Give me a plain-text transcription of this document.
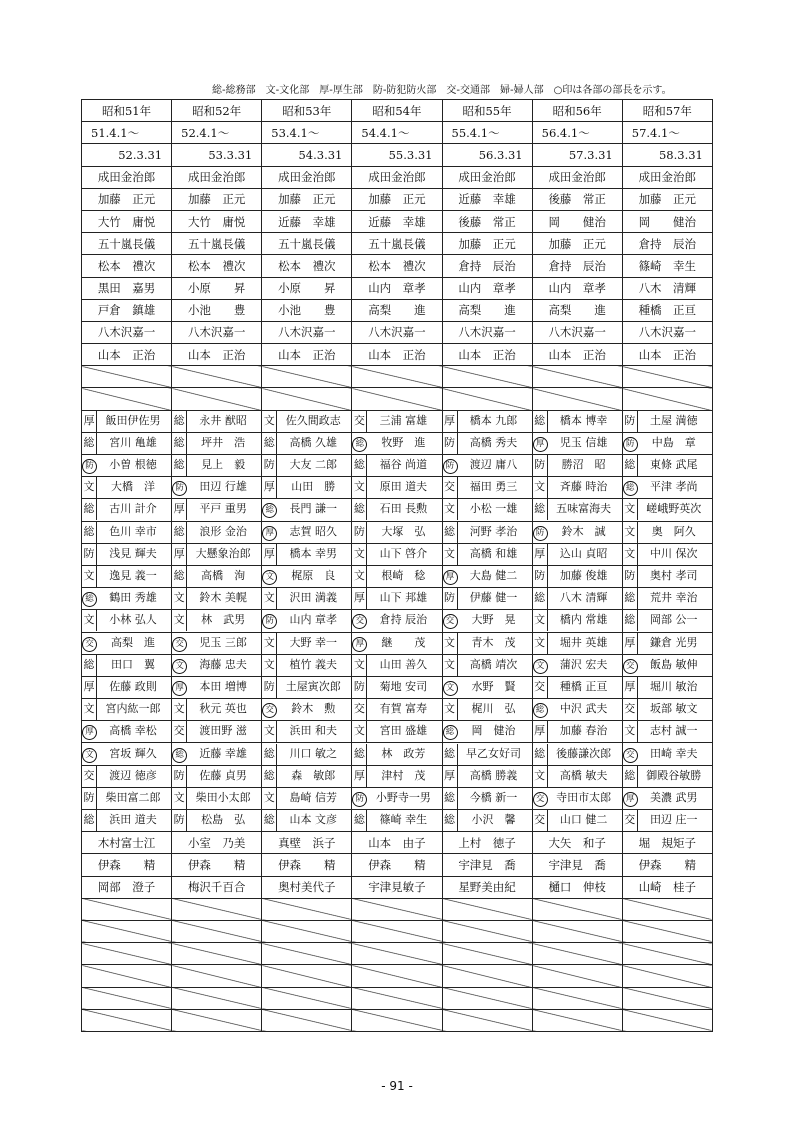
総-総務部　文-文化部　厚-厚生部　防-防犯防火部　交-交通部　婦-婦人部　○印は各部の部長を示す。
昭和51年	昭和52年	昭和53年	昭和54年	昭和55年	昭和56年	昭和57年
51.4.1～	52.4.1～	53.4.1～	54.4.1～	55.4.1～	56.4.1～	57.4.1～
52.3.31	53.3.31	54.3.31	55.3.31	56.3.31	57.3.31	58.3.31
成田金治郎	成田金治郎	成田金治郎	成田金治郎	成田金治郎	成田金治郎	成田金治郎
加藤　正元	加藤　正元	加藤　正元	加藤　正元	近藤　幸雄	後藤　常正	加藤　正元
大竹　庸悦	大竹　庸悦	近藤　幸雄	近藤　幸雄	後藤　常正	岡　　健治	岡　　健治
五十嵐長儀	五十嵐長儀	五十嵐長儀	五十嵐長儀	加藤　正元	加藤　正元	倉持　辰治
松本　禮次	松本　禮次	松本　禮次	松本　禮次	倉持　辰治	倉持　辰治	篠崎　幸生
黒田　嘉男	小原　　昇	小原　　昇	山内　章孝	山内　章孝	山内　章孝	八木　清輝
戸倉　鎮雄	小池　　豊	小池　　豊	高梨　　進	高梨　　進	高梨　　進	種橋　正亘
八木沢嘉一	八木沢嘉一	八木沢嘉一	八木沢嘉一	八木沢嘉一	八木沢嘉一	八木沢嘉一
山本　正治	山本　正治	山本　正治	山本　正治	山本　正治	山本　正治	山本　正治

厚 飯田伊佐男	総 永井 猷昭	文 佐久間政志	交 三浦 富雄	厚 橋本 九郎	総 橋本 博幸	防 土屋 満徳
総 宮川 亀雄	総 坪井　浩	総 高橋 久雄	総 牧野　進	防 高橋 秀夫	厚 児玉 信雄	防 中島　章
防 小曽 根徳	総 見上　毅	防 大友 二郎	総 福谷 尚道	防 渡辺 庸八	防 勝沼　昭	総 東條 武尾
文 大橋　洋	防 田辺 行雄	厚 山田　勝	文 原田 道夫	交 福田 勇三	文 斉藤 時治	総 平津 孝尚
総 古川 計介	厚 平戸 重男	総 長門 謙一	総 石田 長勲	文 小松 一雄	総 五味富海夫	文 嵯峨野英次
総 色川 幸市	総 浪形 金治	厚 志賀 昭久	防 大塚　弘	総 河野 孝治	防 鈴木　誠	文 奥　阿久
防 浅見 輝夫	厚 大懸象治郎	厚 橋本 幸男	文 山下 啓介	文 高橋 和雄	厚 込山 貞昭	文 中川 保次
文 逸見 義一	総 高橋　洵	文 梶原　良	文 根崎　稔	厚 大島 健二	防 加藤 俊雄	防 奥村 孝司
総 鶴田 秀雄	文 鈴木 美幌	文 沢田 満義	厚 山下 邦雄	防 伊藤 健一	総 八木 清輝	総 荒井 幸治
文 小林 弘人	文 林　武男	防 山内 章孝	交 倉持 辰治	交 大野　晃	文 橋内 常雄	総 岡部 公一
交 高梨　進	交 児玉 三郎	文 大野 幸一	厚 継　　茂	文 青木　茂	文 堀井 英雄	厚 鎌倉 光男
総 田口　翼	文 海藤 忠夫	文 植竹 義夫	文 山田 善久	文 高橋 靖次	文 蒲沢 宏夫	交 飯島 敏伸
厚 佐藤 政則	厚 本田 増博	防 土屋寅次郎	防 菊地 安司	文 水野　賢	交 種橋 正亘	厚 堀川 敏治
文 宮内紘一郎	文 秋元 英也	交 鈴木　勲	交 有賀 富寿	文 梶川　弘	総 中沢 武夫	交 坂部 敏文
厚 高橋 幸松	交 渡田野 滋	文 浜田 和夫	文 宮田 盛雄	総 岡　健治	厚 加藤 春治	文 志村 誠一
文 宮坂 輝久	総 近藤 幸雄	総 川口 敏之	総 林　政芳	総 早乙女好司	総 後藤謙次郎	交 田崎 幸夫
交 渡辺 徳彦	防 佐藤 貞男	総 森　敏郎	厚 津村　茂	厚 高橋 勝義	文 高橋 敏夫	総 御殿谷敏勝
防 柴田富二郎	文 柴田小太郎	文 島崎 信芳	防 小野寺一男	総 今橋 新一	交 寺田市太郎	厚 美濃 武男
総 浜田 道夫	防 松島　弘	総 山本 文彦	総 篠崎 幸生	総 小沢　馨	交 山口 健二	交 田辺 庄一
木村富士江	小室　乃美	真壁　浜子	山本　由子	上村　徳子	大矢　和子	堀　規矩子
伊森　　精	伊森　　精	伊森　　精	伊森　　精	宇津見　喬	宇津見　喬	伊森　　精
岡部　澄子	梅沢千百合	奥村美代子	宇津見敏子	星野美由紀	樋口　伸枝	山崎　桂子

- 91 -
